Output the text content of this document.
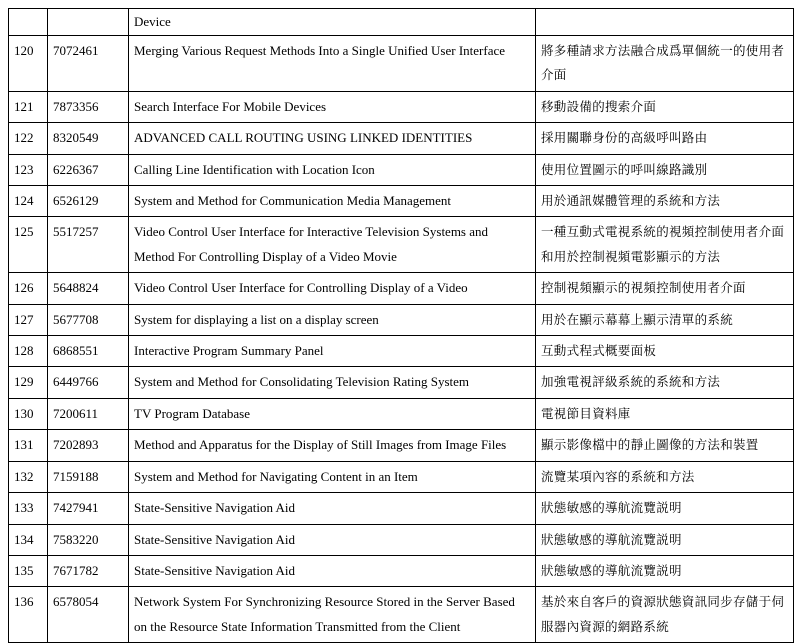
		Device	
120	7072461	Merging Various Request Methods Into a Single Unified User Interface	將多種請求方法融合成爲單個統一的使用者介面
121	7873356	Search Interface For Mobile Devices	移動設備的搜索介面
122	8320549	ADVANCED CALL ROUTING USING LINKED IDENTITIES	採用關聯身份的高級呼叫路由
123	6226367	Calling Line Identification with Location Icon	使用位置圖示的呼叫線路識別
124	6526129	System and Method for Communication Media Management	用於通訊媒體管理的系統和方法
125	5517257	Video Control User Interface for Interactive Television Systems and Method For Controlling Display of a Video Movie	一種互動式電視系統的視頻控制使用者介面和用於控制視頻電影顯示的方法
126	5648824	Video Control User Interface for Controlling Display of a Video	控制視頻顯示的視頻控制使用者介面
127	5677708	System for displaying a list on a display screen	用於在顯示幕幕上顯示清單的系統
128	6868551	Interactive Program Summary Panel	互動式程式概要面板
129	6449766	System and Method for Consolidating Television Rating System	加強電視評級系統的系統和方法
130	7200611	TV Program Database	電視節目資料庫
131	7202893	Method and Apparatus for the Display of Still Images from Image Files	顯示影像檔中的靜止圖像的方法和裝置
132	7159188	System and Method for Navigating Content in an Item	流覽某項內容的系統和方法
133	7427941	State-Sensitive Navigation Aid	狀態敏感的導航流覽説明
134	7583220	State-Sensitive Navigation Aid	狀態敏感的導航流覽説明
135	7671782	State-Sensitive Navigation Aid	狀態敏感的導航流覽説明
136	6578054	Network System For Synchronizing Resource Stored in the Server Based on the Resource State Information Transmitted from the Client	基於來自客戶的資源狀態資訊同步存儲于伺服器內資源的網路系統
